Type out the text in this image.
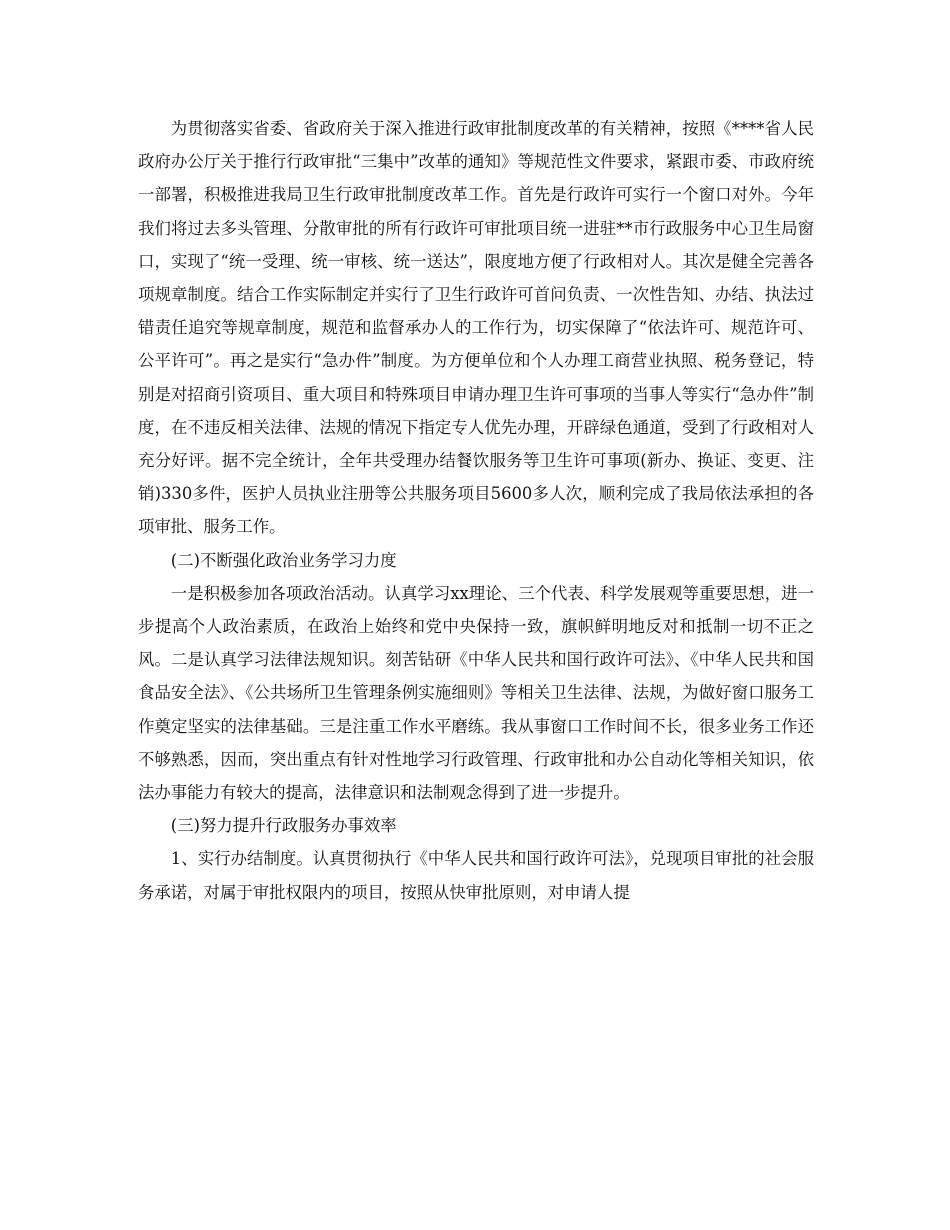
为贯彻落实省委、省政府关于深入推进行政审批制度改革的有关精神，按照《****省人民政府办公厅关于推行行政审批“三集中”改革的通知》等规范性文件要求，紧跟市委、市政府统一部署，积极推进我局卫生行政审批制度改革工作。首先是行政许可实行一个窗口对外。今年我们将过去多头管理、分散审批的所有行政许可审批项目统一进驻**市行政服务中心卫生局窗口，实现了“统一受理、统一审核、统一送达”，限度地方便了行政相对人。其次是健全完善各项规章制度。结合工作实际制定并实行了卫生行政许可首问负责、一次性告知、办结、执法过错责任追究等规章制度，规范和监督承办人的工作行为，切实保障了“依法许可、规范许可、公平许可”。再之是实行“急办件”制度。为方便单位和个人办理工商营业执照、税务登记，特别是对招商引资项目、重大项目和特殊项目申请办理卫生许可事项的当事人等实行“急办件”制度，在不违反相关法律、法规的情况下指定专人优先办理，开辟绿色通道，受到了行政相对人充分好评。据不完全统计，全年共受理办结餐饮服务等卫生许可事项(新办、换证、变更、注销)330多件，医护人员执业注册等公共服务项目5600多人次，顺利完成了我局依法承担的各项审批、服务工作。

(二)不断强化政治业务学习力度

一是积极参加各项政治活动。认真学习xx理论、三个代表、科学发展观等重要思想，进一步提高个人政治素质，在政治上始终和党中央保持一致，旗帜鲜明地反对和抵制一切不正之风。二是认真学习法律法规知识。刻苦钻研《中华人民共和国行政许可法》、《中华人民共和国食品安全法》、《公共场所卫生管理条例实施细则》等相关卫生法律、法规，为做好窗口服务工作奠定坚实的法律基础。三是注重工作水平磨练。我从事窗口工作时间不长，很多业务工作还不够熟悉，因而，突出重点有针对性地学习行政管理、行政审批和办公自动化等相关知识，依法办事能力有较大的提高，法律意识和法制观念得到了进一步提升。

(三)努力提升行政服务办事效率

1、实行办结制度。认真贯彻执行《中华人民共和国行政许可法》，兑现项目审批的社会服务承诺，对属于审批权限内的项目，按照从快审批原则，对申请人提
